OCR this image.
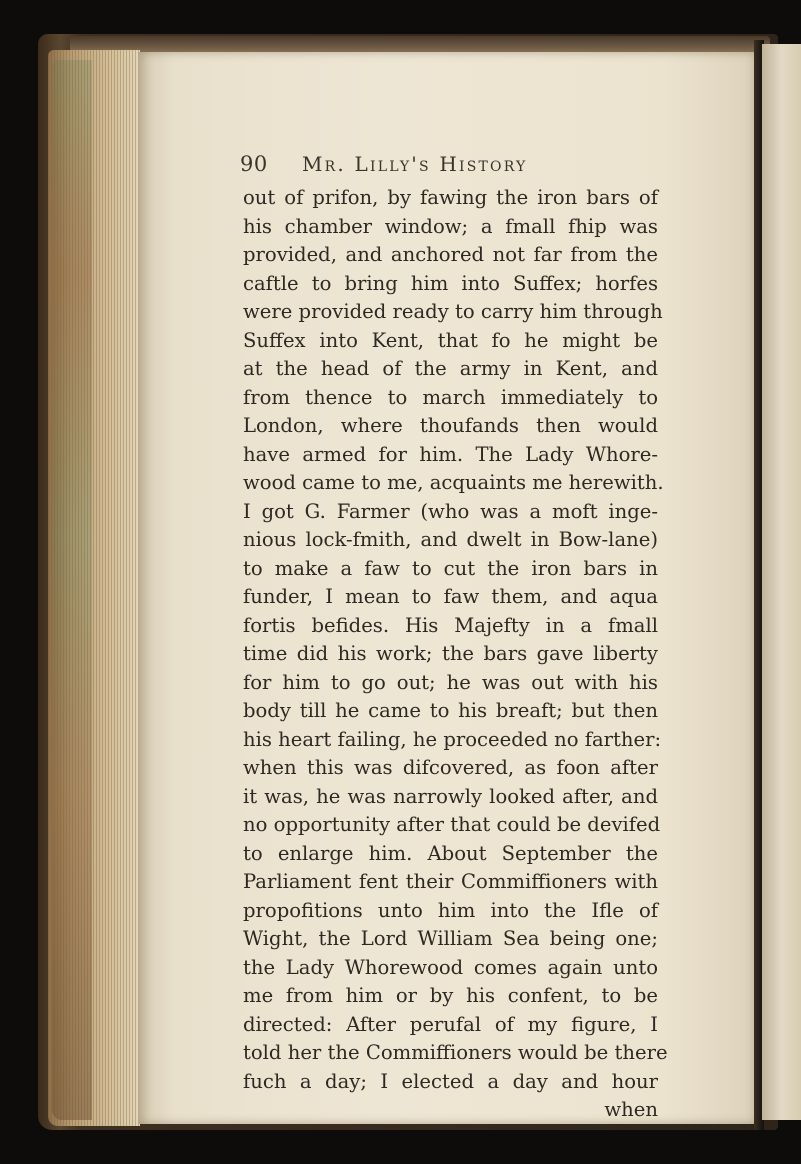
90 Mr. Lilly's History
out of prifon, by fawing the iron bars of
his chamber window; a fmall fhip was
provided, and anchored not far from the
caftle to bring him into Suffex; horfes
were provided ready to carry him through
Suffex into Kent, that fo he might be
at the head of the army in Kent, and
from thence to march immediately to
London, where thoufands then would
have armed for him. The Lady Whore-
wood came to me, acquaints me herewith.
I got G. Farmer (who was a moft inge-
nious lock-fmith, and dwelt in Bow-lane)
to make a faw to cut the iron bars in
funder, I mean to faw them, and aqua
fortis befides. His Majefty in a fmall
time did his work; the bars gave liberty
for him to go out; he was out with his
body till he came to his breaft; but then
his heart failing, he proceeded no farther:
when this was difcovered, as foon after
it was, he was narrowly looked after, and
no opportunity after that could be devifed
to enlarge him. About September the
Parliament fent their Commiffioners with
propofitions unto him into the Ifle of
Wight, the Lord William Sea being one;
the Lady Whorewood comes again unto
me from him or by his confent, to be
directed: After perufal of my figure, I
told her the Commiffioners would be there
fuch a day; I elected a day and hour
when
